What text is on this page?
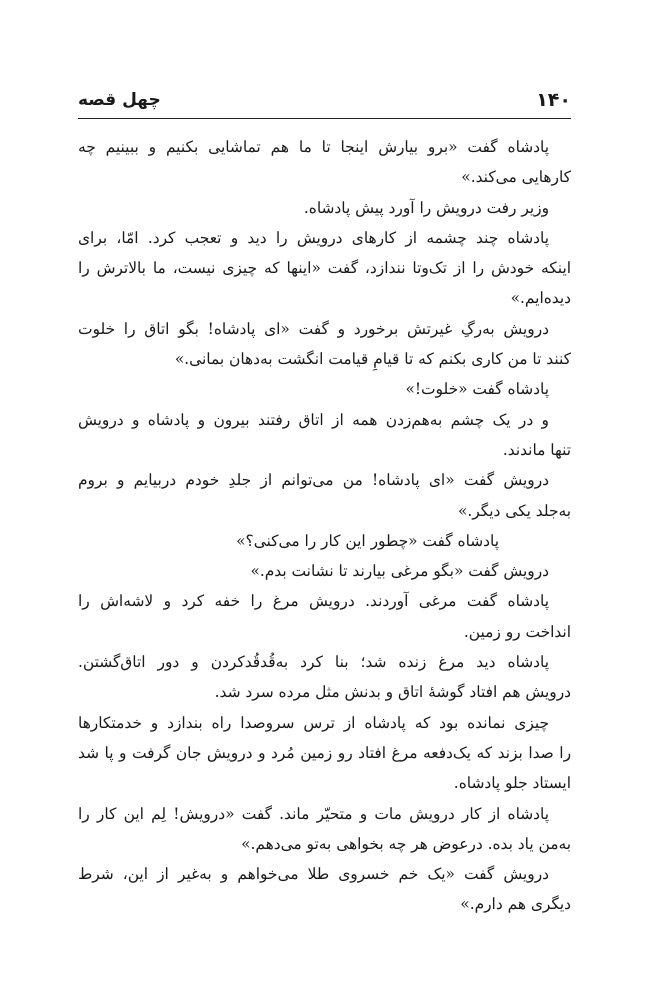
۱۴۰
چهل قصه
پادشاه گفت «برو بیارش اینجا تا ما هم تماشایی بکنیم و ببینیم چه
کارهایی می‌کند.»
وزیر رفت درویش را آورد پیش پادشاه.
پادشاه چند چشمه از کارهای درویش را دید و تعجب کرد. امّا، برای
اینکه خودش را از تک‌وتا نندازد، گفت «اینها که چیزی نیست، ما بالاترش را
دیده‌ایم.»
درویش به‌رگِ غیرتش برخورد و گفت «ای پادشاه! بگو اتاق را خلوت
کنند تا من کاری بکنم که تا قیامِ قیامت انگشت به‌دهان بمانی.»
پادشاه گفت «خلوت!»
و در یک چشم به‌هم‌زدن همه از اتاق رفتند بیرون و پادشاه و درویش
تنها ماندند.
درویش گفت «ای پادشاه! من می‌توانم از جلدِ خودم دربیایم و بروم
به‌جلد یکی دیگر.»
پادشاه گفت «چطور این کار را می‌کنی؟»
درویش گفت «بگو مرغی بیارند تا نشانت بدم.»
پادشاه گفت مرغی آوردند. درویش مرغ را خفه کرد و لاشه‌اش را
انداخت رو زمین.
پادشاه دید مرغ زنده شد؛ بنا کرد به‌قُدقُدکردن و دور اتاق‌گشتن.
درویش هم افتاد گوشهٔ اتاق و بدنش مثل مرده سرد شد.
چیزی نمانده بود که پادشاه از ترس سروصدا راه بندازد و خدمتکارها
را صدا بزند که یک‌دفعه مرغ افتاد رو زمین مُرد و درویش جان گرفت و پا شد
ایستاد جلو پادشاه.
پادشاه از کار درویش مات و متحیّر ماند. گفت «درویش! لِم این کار را
به‌من یاد بده. درعوض هر چه بخواهی به‌تو می‌دهم.»
درویش گفت «یک خم خسروی طلا می‌خواهم و به‌غیر از این، شرط
دیگری هم دارم.»
